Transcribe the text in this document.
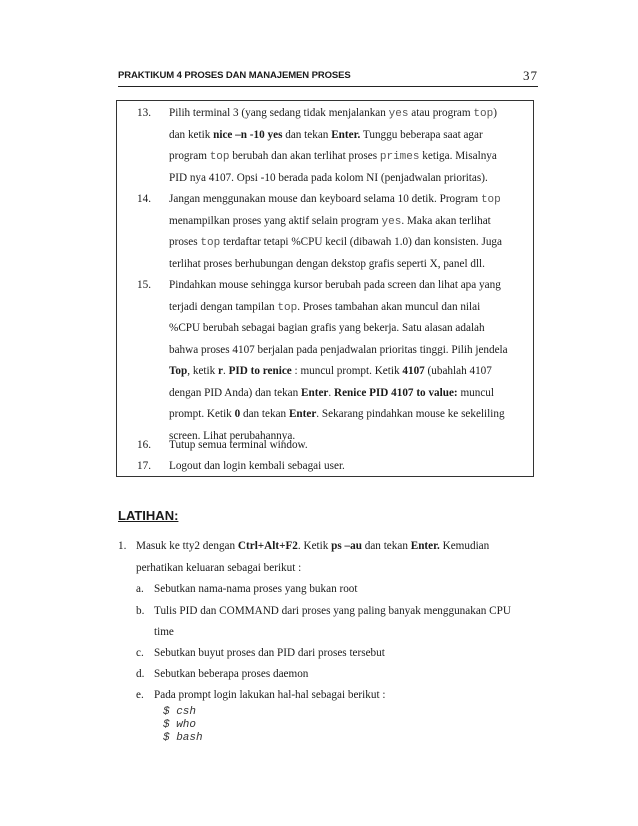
PRAKTIKUM 4 PROSES DAN MANAJEMEN PROSES	37
13.	Pilih terminal 3 (yang sedang tidak menjalankan yes atau program top)
dan ketik nice –n -10 yes dan tekan Enter. Tunggu beberapa saat agar
program top berubah dan akan terlihat proses primes ketiga. Misalnya
PID nya 4107. Opsi -10 berada pada kolom NI (penjadwalan prioritas).
14.	Jangan menggunakan mouse dan keyboard selama 10 detik. Program top
menampilkan proses yang aktif selain program yes. Maka akan terlihat
proses top terdaftar tetapi %CPU kecil (dibawah 1.0) dan konsisten. Juga
terlihat proses berhubungan dengan dekstop grafis seperti X, panel dll.
15.	Pindahkan mouse sehingga kursor berubah pada screen dan lihat apa yang
terjadi dengan tampilan top. Proses tambahan akan muncul dan nilai
%CPU berubah sebagai bagian grafis yang bekerja. Satu alasan adalah
bahwa proses 4107 berjalan pada penjadwalan prioritas tinggi. Pilih jendela
Top, ketik r. PID to renice : muncul prompt. Ketik 4107 (ubahlah 4107
dengan PID Anda) dan tekan Enter. Renice PID 4107 to value: muncul
prompt. Ketik 0 dan tekan Enter. Sekarang pindahkan mouse ke sekeliling
screen. Lihat perubahannya.
16.	Tutup semua terminal window.
17.	Logout dan login kembali sebagai user.
LATIHAN:
1. Masuk ke tty2 dengan Ctrl+Alt+F2. Ketik ps –au dan tekan Enter. Kemudian
perhatikan keluaran sebagai berikut :
a. Sebutkan nama-nama proses yang bukan root
b. Tulis PID dan COMMAND dari proses yang paling banyak menggunakan CPU
time
c. Sebutkan buyut proses dan PID dari proses tersebut
d. Sebutkan beberapa proses daemon
e. Pada prompt login lakukan hal-hal sebagai berikut :
$ csh
$ who
$ bash
